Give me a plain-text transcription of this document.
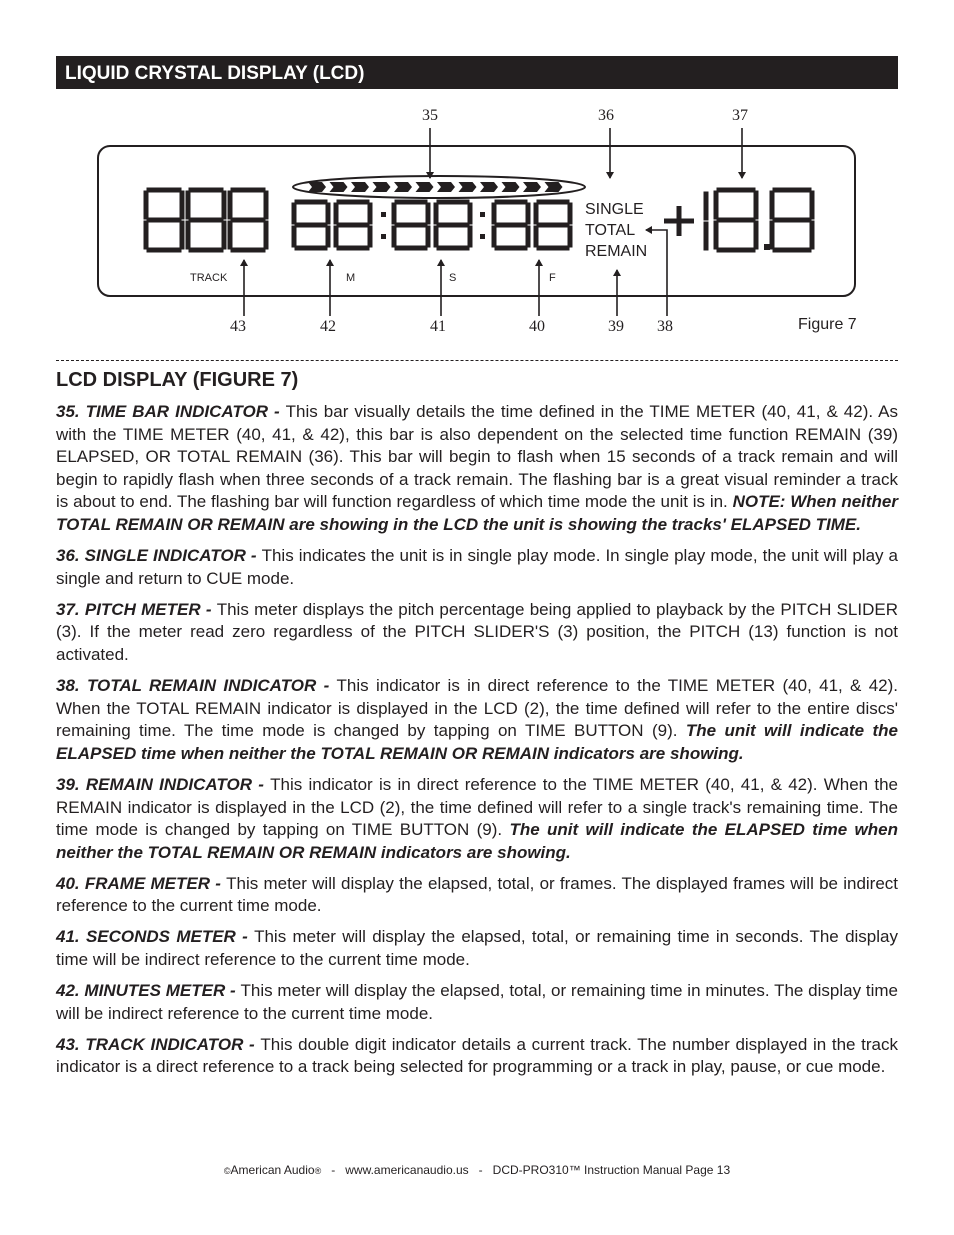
LIQUID CRYSTAL DISPLAY (LCD)
35	36	37
43	42	41	40	39 38
TRACK	M	S	F
SINGLE
TOTAL
REMAIN
Figure 7
LCD DISPLAY (FIGURE 7)

35. TIME BAR INDICATOR - This bar visually details the time defined in the TIME METER (40, 41, & 42). As with the TIME METER (40, 41, & 42), this bar is also dependent on the selected time function REMAIN (39) ELAPSED, OR TOTAL REMAIN (36). This bar will begin to flash when 15 seconds of a track remain and will begin to rapidly flash when three seconds of a track remain. The flashing bar is a great visual reminder a track is about to end. The flashing bar will function regardless of which time mode the unit is in. NOTE: When neither TOTAL REMAIN OR REMAIN are showing in the LCD the unit is showing the tracks' ELAPSED TIME.

36. SINGLE INDICATOR - This indicates the unit is in single play mode. In single play mode, the unit will play a single and return to CUE mode.

37. PITCH METER - This meter displays the pitch percentage being applied to playback by the PITCH SLIDER (3). If the meter read zero regardless of the PITCH SLIDER'S (3) position, the PITCH (13) function is not activated.

38. TOTAL REMAIN INDICATOR - This indicator is in direct reference to the TIME METER (40, 41, & 42). When the TOTAL REMAIN indicator is displayed in the LCD (2), the time defined will refer to the entire discs' remaining time. The time mode is changed by tapping on TIME BUTTON (9). The unit will indicate the ELAPSED time when neither the TOTAL REMAIN OR REMAIN indicators are showing.

39. REMAIN INDICATOR - This indicator is in direct reference to the TIME METER (40, 41, & 42). When the REMAIN indicator is displayed in the LCD (2), the time defined will refer to a single track's remaining time. The time mode is changed by tapping on TIME BUTTON (9). The unit will indicate the ELAPSED time when neither the TOTAL REMAIN OR REMAIN indicators are showing.

40. FRAME METER - This meter will display the elapsed, total, or frames. The displayed frames will be indirect reference to the current time mode.

41. SECONDS METER - This meter will display the elapsed, total, or remaining time in seconds. The display time will be indirect reference to the current time mode.

42. MINUTES METER - This meter will display the elapsed, total, or remaining time in minutes. The display time will be indirect reference to the current time mode.

43. TRACK INDICATOR - This double digit indicator details a current track. The number displayed in the track indicator is a direct reference to a track being selected for programming or a track in play, pause, or cue mode.

©American Audio® - www.americanaudio.us - DCD-PRO310™ Instruction Manual Page 13
